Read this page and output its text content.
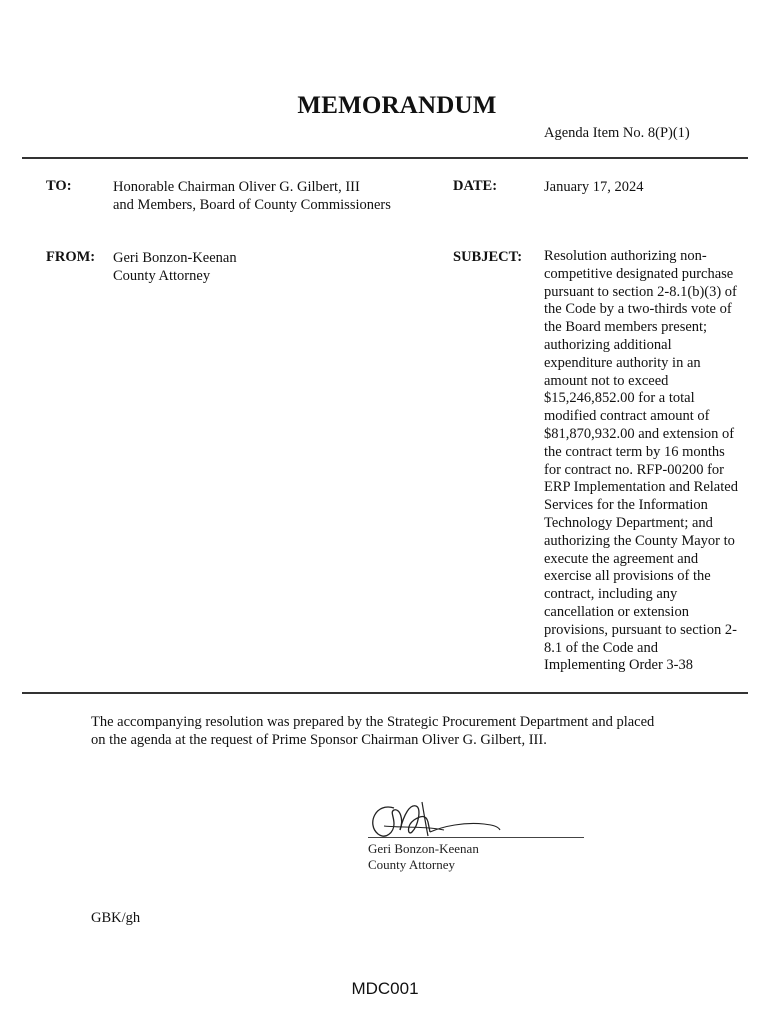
MEMORANDUM
Agenda Item No. 8(P)(1)
TO:	Honorable Chairman Oliver G. Gilbert, III
and Members, Board of County Commissioners
DATE:	January 17, 2024
FROM: Geri Bonzon-Keenan
County Attorney
SUBJECT: Resolution authorizing non-
competitive designated purchase
pursuant to section 2-8.1(b)(3) of
the Code by a two-thirds vote of
the Board members present;
authorizing additional
expenditure authority in an
amount not to exceed
$15,246,852.00 for a total
modified contract amount of
$81,870,932.00 and extension of
the contract term by 16 months
for contract no. RFP-00200 for
ERP Implementation and Related
Services for the Information
Technology Department; and
authorizing the County Mayor to
execute the agreement and
exercise all provisions of the
contract, including any
cancellation or extension
provisions, pursuant to section 2-
8.1 of the Code and
Implementing Order 3-38
The accompanying resolution was prepared by the Strategic Procurement Department and placed
on the agenda at the request of Prime Sponsor Chairman Oliver G. Gilbert, III.
Geri Bonzon-Keenan
County Attorney
GBK/gh
MDC001
